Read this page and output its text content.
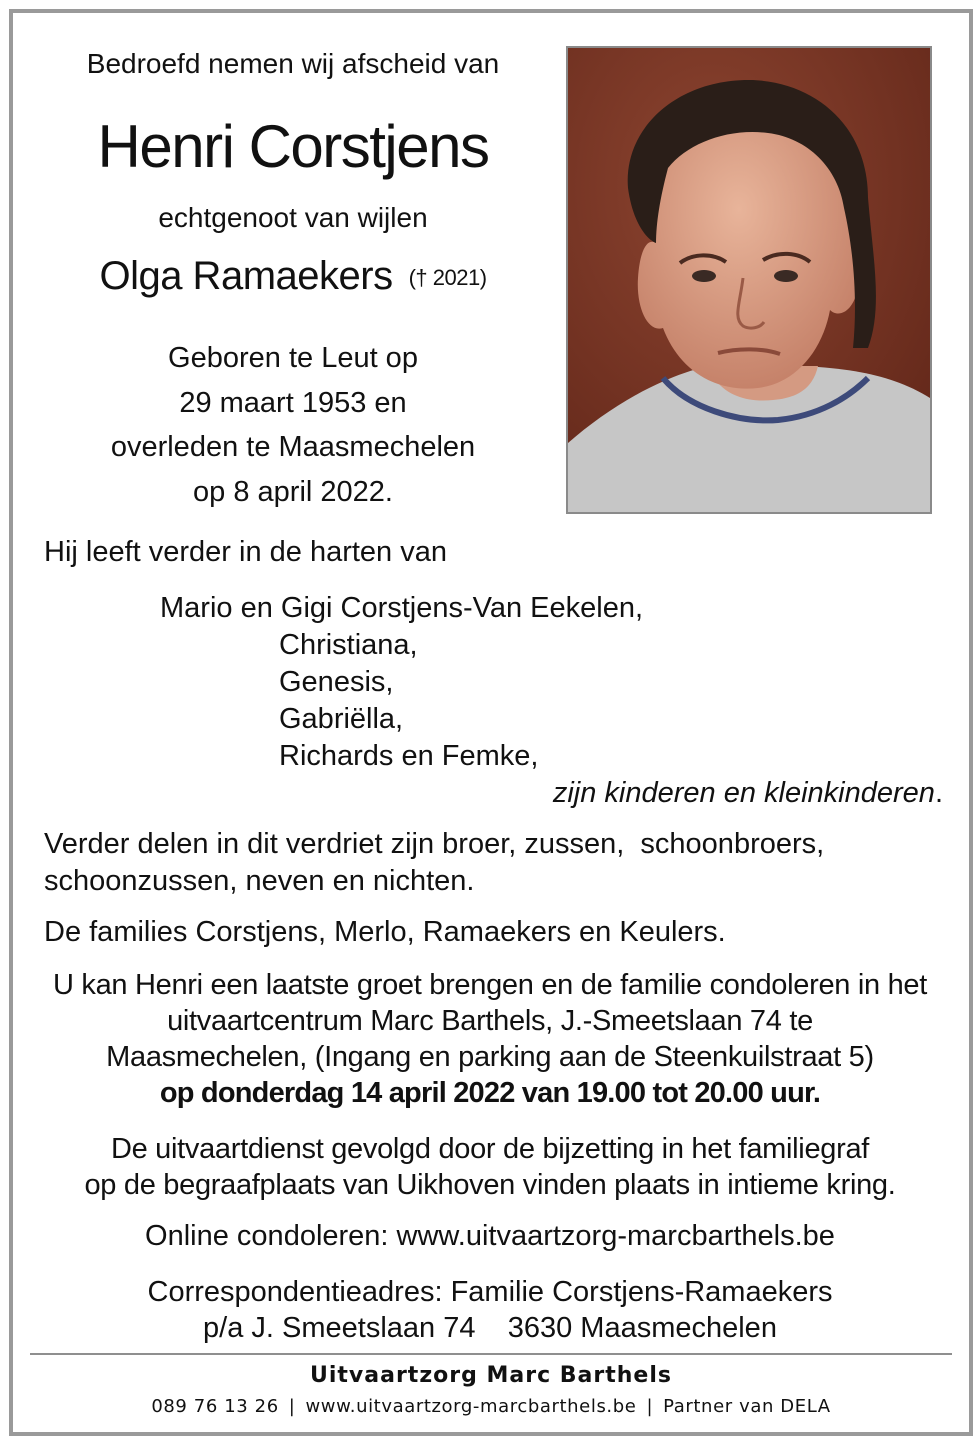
Bedroefd nemen wij afscheid van
Henri Corstjens
echtgenoot van wijlen
Olga Ramaekers († 2021)
Geboren te Leut op
29 maart 1953 en
overleden te Maasmechelen
op 8 april 2022.
Hij leeft verder in de harten van
Mario en Gigi Corstjens-Van Eekelen,
Christiana,
Genesis,
Gabriëlla,
Richards en Femke,
zijn kinderen en kleinkinderen.
Verder delen in dit verdriet zijn broer, zussen,  schoonbroers,
schoonzussen, neven en nichten.
De families Corstjens, Merlo, Ramaekers en Keulers.
U kan Henri een laatste groet brengen en de familie condoleren in het
uitvaartcentrum Marc Barthels, J.-Smeetslaan 74 te
Maasmechelen, (Ingang en parking aan de Steenkuilstraat 5)
op donderdag 14 april 2022 van 19.00 tot 20.00 uur.
De uitvaartdienst gevolgd door de bijzetting in het familiegraf
op de begraafplaats van Uikhoven vinden plaats in intieme kring.
Online condoleren: www.uitvaartzorg-marcbarthels.be
Correspondentieadres: Familie Corstjens-Ramaekers
p/a J. Smeetslaan 74    3630 Maasmechelen
Uitvaartzorg Marc Barthels
089 76 13 26 | www.uitvaartzorg-marcbarthels.be | Partner van DELA
